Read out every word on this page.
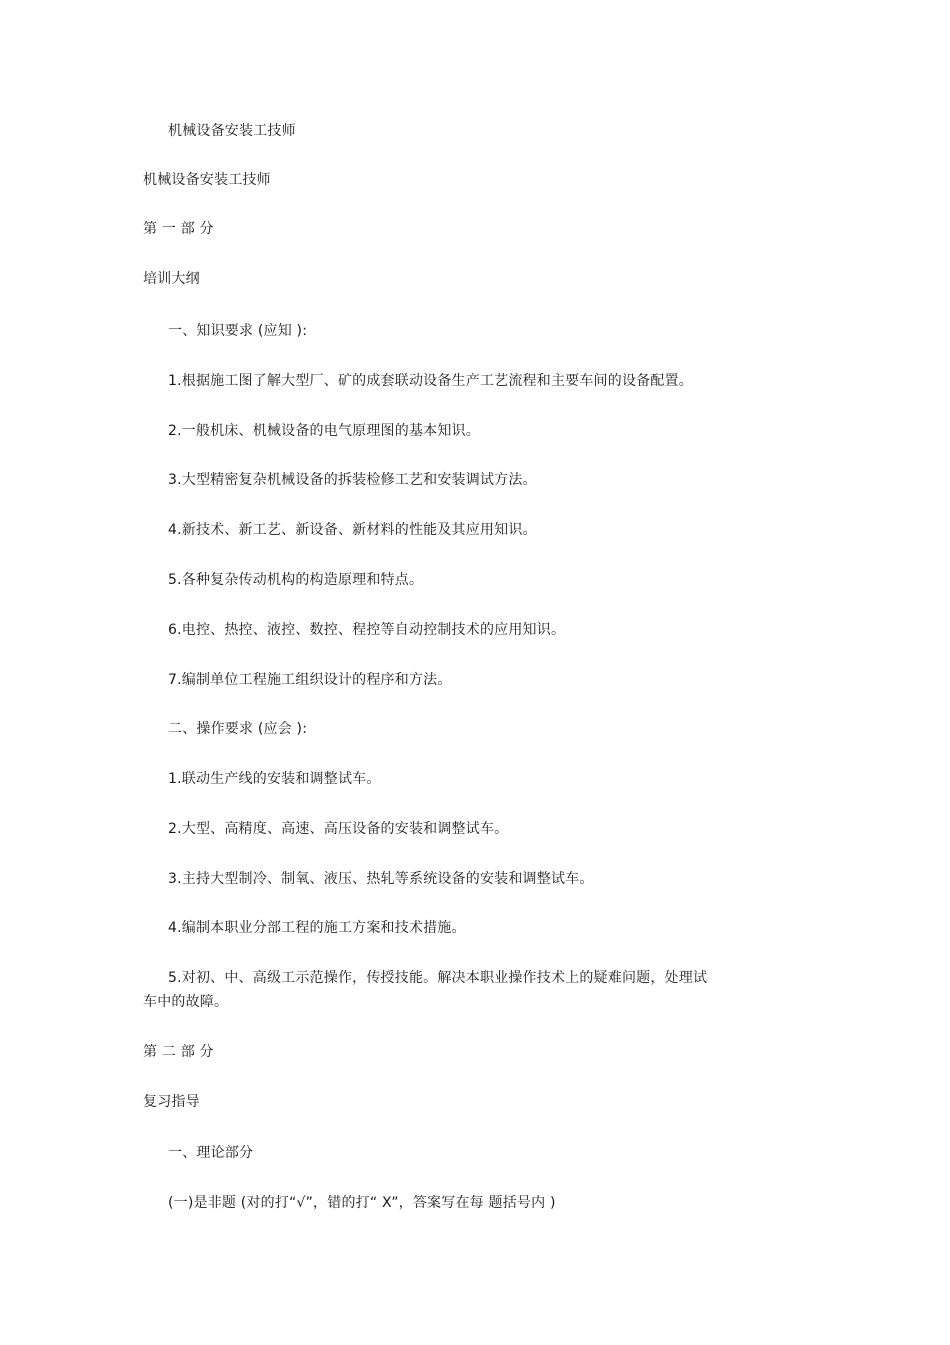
机械设备安装工技师
机械设备安装工技师
第 一 部 分
培训大纲
一、知识要求 (应知 ):
1.根据施工图了解大型厂、矿的成套联动设备生产工艺流程和主要车间的设备配置。
2.一般机床、机械设备的电气原理图的基本知识。
3.大型精密复杂机械设备的拆装检修工艺和安装调试方法。
4.新技术、新工艺、新设备、新材料的性能及其应用知识。
5.各种复杂传动机构的构造原理和特点。
6.电控、热控、液控、数控、程控等自动控制技术的应用知识。
7.编制单位工程施工组织设计的程序和方法。
二、操作要求 (应会 ):
1.联动生产线的安装和调整试车。
2.大型、高精度、高速、高压设备的安装和调整试车。
3.主持大型制冷、制氧、液压、热轧等系统设备的安装和调整试车。
4.编制本职业分部工程的施工方案和技术措施。
5.对初、中、高级工示范操作，传授技能。解决本职业操作技术上的疑难问题，处理试车中的故障。
第 二 部 分
复习指导
一、理论部分
(一)是非题 (对的打“√”，错的打“ X”，答案写在每 题括号内 )
